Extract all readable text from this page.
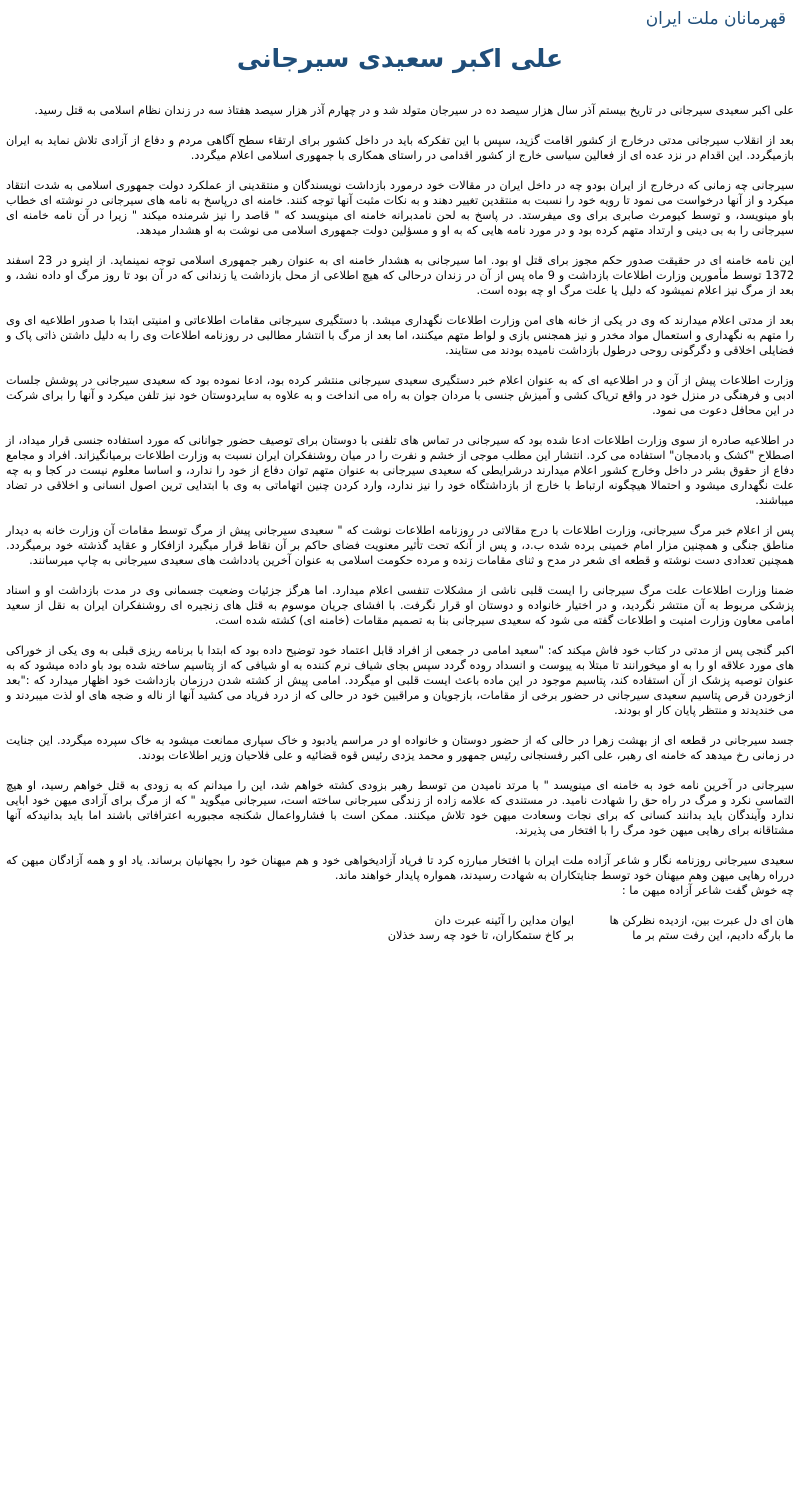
قهرمانان ملت ایران
علی اکبر سعیدی سیرجانی

علی اکبر سعیدی سیرجانی در تاریخ بیستم آذر سال هزار سیصد ده در سیرجان متولد شد و در چهارم آذر هزار سیصد هفتاذ سه در زندان نظام اسلامی به قتل رسید.

بعد از انقلاب سیرجانی مدتی درخارج از کشور اقامت گزید، سپس با این تفکرکه باید در داخل کشور برای ارتقاء سطح آگاهی مردم و دفاع از آزادی تلاش نماید به ایران بازمیگردد. این اقدام در نزد عده ای از فعالین سیاسی خارج از کشور اقدامی در راستای همکاری با جمهوری اسلامی اعلام میگردد.

سیرجانی چه زمانی که درخارج از ایران بودو چه در داخل ایران در مقالات خود درمورد بازداشت نویسندگان و منتقدینی از عملکرد دولت جمهوری اسلامی به شدت انتقاد میکرد و از آنها درخواست می نمود تا رویه خود را نسبت به منتقدین تغییر دهند و به نکات مثبت آنها توجه کنند. خامنه ای درپاسخ به نامه های سیرجانی در نوشته ای خطاب باو مینویسد، و توسط کیومرث صابری برای وی میفرستد. در پاسخ به لحن نامدبرانه خامنه ای مینویسد که " قاصد را نیز شرمنده میکند " زیرا در آن نامه خامنه ای سیرجانی را به بی دینی و ارتداد متهم کرده بود و در مورد نامه هایی که به او و مسؤلین دولت جمهوری اسلامی می نوشت به او هشدار میدهد.

این نامه خامنه ای در حقیقت صدور حکم مجوز برای قتل او بود. اما سیرجانی به هشدار خامنه ای به عنوان رهبر جمهوری اسلامی توجه نمینماید. از اینرو در 23 اسفند 1372 توسط مأمورین وزارت اطلاعات بازداشت و 9 ماه پس از آن در زندان درحالی که هیچ اطلاعی از محل بازداشت یا زندانی که در آن بود تا روز مرگ او داده نشد، و بعد از مرگ نیز اعلام نمیشود که دلیل یا علت مرگ او چه بوده است.

بعد از مدتی اعلام میدارند که وی در یکی از خانه های امن وزارت اطلاعات نگهداری میشد. با دستگیری سیرجانی مقامات اطلاعاتی و امنیتی ابتدا با صدور اطلاعیه ای وی را متهم به نگهداری و استعمال مواد مخدر و نیز همجنس بازی و لواط متهم میکنند، اما بعد از مرگ با انتشار مطالبی در روزنامه اطلاعات وی را به دلیل داشتن ذاتی پاک و فضایلی اخلاقی و دگرگونی روحی درطول بازداشت نامیده بودند می ستایند.

وزارت اطلاعات پیش از آن و در اطلاعیه ای که به عنوان اعلام خبر دستگیری سعیدی سیرجانی منتشر کرده بود، ادعا نموده بود که سعیدی سیرجانی در پوشش جلسات ادبی و فرهنگی در منزل خود در واقع تریاک کشی و آمیزش جنسی با مردان جوان به راه می انداخت و به علاوه به سایردوستان خود نیز تلفن میکرد و آنها را برای شرکت در این محافل دعوت می نمود.

در اطلاعیه صادره از سوی وزارت اطلاعات ادعا شده بود که سیرجانی در تماس های تلفنی با دوستان برای توصیف حضور جوانانی که مورد استفاده جنسی قرار میداد، از اصطلاح "کشک و بادمجان" استفاده می کرد. انتشار این مطلب موجی از خشم و نفرت را در میان روشنفکران ایران نسبت به وزارت اطلاعات برمیانگیزاند. افراد و مجامع دفاع از حقوق بشر در داخل وخارج کشور اعلام میدارند درشرایطی که سعیدی سیرجانی به عنوان متهم توان دفاع از خود را ندارد، و اساسا معلوم نیست در کجا و به چه علت نگهداری میشود و احتمالا هیچگونه ارتباط با خارج از بازداشتگاه خود را نیز ندارد، وارد کردن چنین اتهاماتی به وی با ابتدایی ترین اصول انسانی و اخلاقی در تضاد میباشند.

پس از اعلام خبر مرگ سیرجانی، وزارت اطلاعات با درج مقالاتی در روزنامه اطلاعات نوشت که " سعیدی سیرجانی پیش از مرگ توسط مقامات آن وزارت خانه به دیدار مناطق جنگی و همچنین مزار امام خمینی برده شده ب.د، و پس از آنکه تحت تأثیر معنویت فضای حاکم بر آن نقاط قرار میگیرد ازافکار و عقاید گذشته خود برمیگردد. همچنین تعدادی دست نوشته و قطعه ای شعر در مدح و ثنای مقامات زنده و مرده حکومت اسلامی به عنوان آخرین یادداشت های سعیدی سیرجانی به چاپ میرسانند.

ضمنا وزارت اطلاعات علت مرگ سیرجانی را ایست قلبی ناشی از مشکلات تنفسی اعلام میدارد. اما هرگز جزئیات وضعیت جسمانی وی در مدت بازداشت او و اسناد پزشکی مربوط به آن منتشر نگردید، و در اختیار خانواده و دوستان او قرار نگرفت. با افشای جریان موسوم به قتل های زنجیره ای روشنفکران ایران به نقل از سعید امامی معاون وزارت امنیت و اطلاعات گفته می شود که سعیدی سیرجانی بنا به تصمیم مقامات (خامنه ای) کشته شده است.

اکبر گنجی پس از مدتی در کتاب خود فاش میکند که: "سعید امامی در جمعی از افراد قابل اعتماد خود توضیح داده بود که ابتدا با برنامه ریزی قبلی به وی یکی از خوراکی های مورد علاقه او را به او میخورانند تا مبتلا به یبوست و انسداد روده گردد سپس بجای شیاف نرم کننده به او شیافی که از پتاسیم ساخته شده بود باو داده میشود که به عنوان توصیه پزشک از آن استفاده کند، پتاسیم موجود در این ماده باعث ایست قلبی او میگردد. امامی پیش از کشته شدن درزمان بازداشت خود اظهار میدارد که :"بعد ازخوردن قرص پتاسیم سعیدی سیرجانی در حضور برخی از مقامات، بازجویان و مراقبین خود در حالی که از درد فریاد می کشید آنها از ناله و ضجه های او لذت میبردند و می خندیدند و منتظر پایان کار او بودند.

جسد سیرجانی در قطعه ای از بهشت زهرا در حالی که از حضور دوستان و خانواده او در مراسم یادبود و خاک سپاری ممانعت میشود به خاک سپرده میگردد. این جنایت در زمانی رخ میدهد که خامنه ای رهبر، علی اکبر رفسنجانی رئیس جمهور و محمد یزدی رئیس قوه قضائیه و علی فلاحیان وزیر اطلاعات بودند.

سیرجانی در آخرین نامه خود به خامنه ای مینویسد " با مرتد نامیدن من توسط رهبر بزودی کشته خواهم شد، این را میدانم که به زودی به قتل خواهم رسید، او هیچ التماسی نکرد و مرگ در راه حق را شهادت نامید. در مستندی که علامه زاده از زندگی سیرجانی ساخته است، سیرجانی میگوید " که از مرگ برای آزادی میهن خود ابایی ندارد وآیندگان باید بدانند کسانی که برای نجات وسعادت میهن خود تلاش میکنند. ممکن است با فشارواعمال شکنجه مجبوربه اعترافاتی باشند اما باید بدانیدکه آنها مشتاقانه برای رهایی میهن خود مرگ را با افتخار می پذیرند.

سعیدی سیرجانی روزنامه نگار و شاعر آزاده ملت ایران با افتخار مبارزه کرد تا فریاد آزادیخواهی خود و هم میهنان خود را بجهانیان برساند. یاد او و همه آزادگان میهن که درراه رهایی میهن وهم میهنان خود توسط جنایتکاران به شهادت رسیدند، همواره پایدار خواهند ماند.

چه خوش گفت شاعر آزاده میهن ما :

هان ای دل عبرت بین، ازدیده نظرکن ها
ایوان مداین را آئینه عبرت دان
ما بارگه دادیم، این رفت ستم بر ما
بر کاخ ستمکاران، تا خود چه رسد خذلان
